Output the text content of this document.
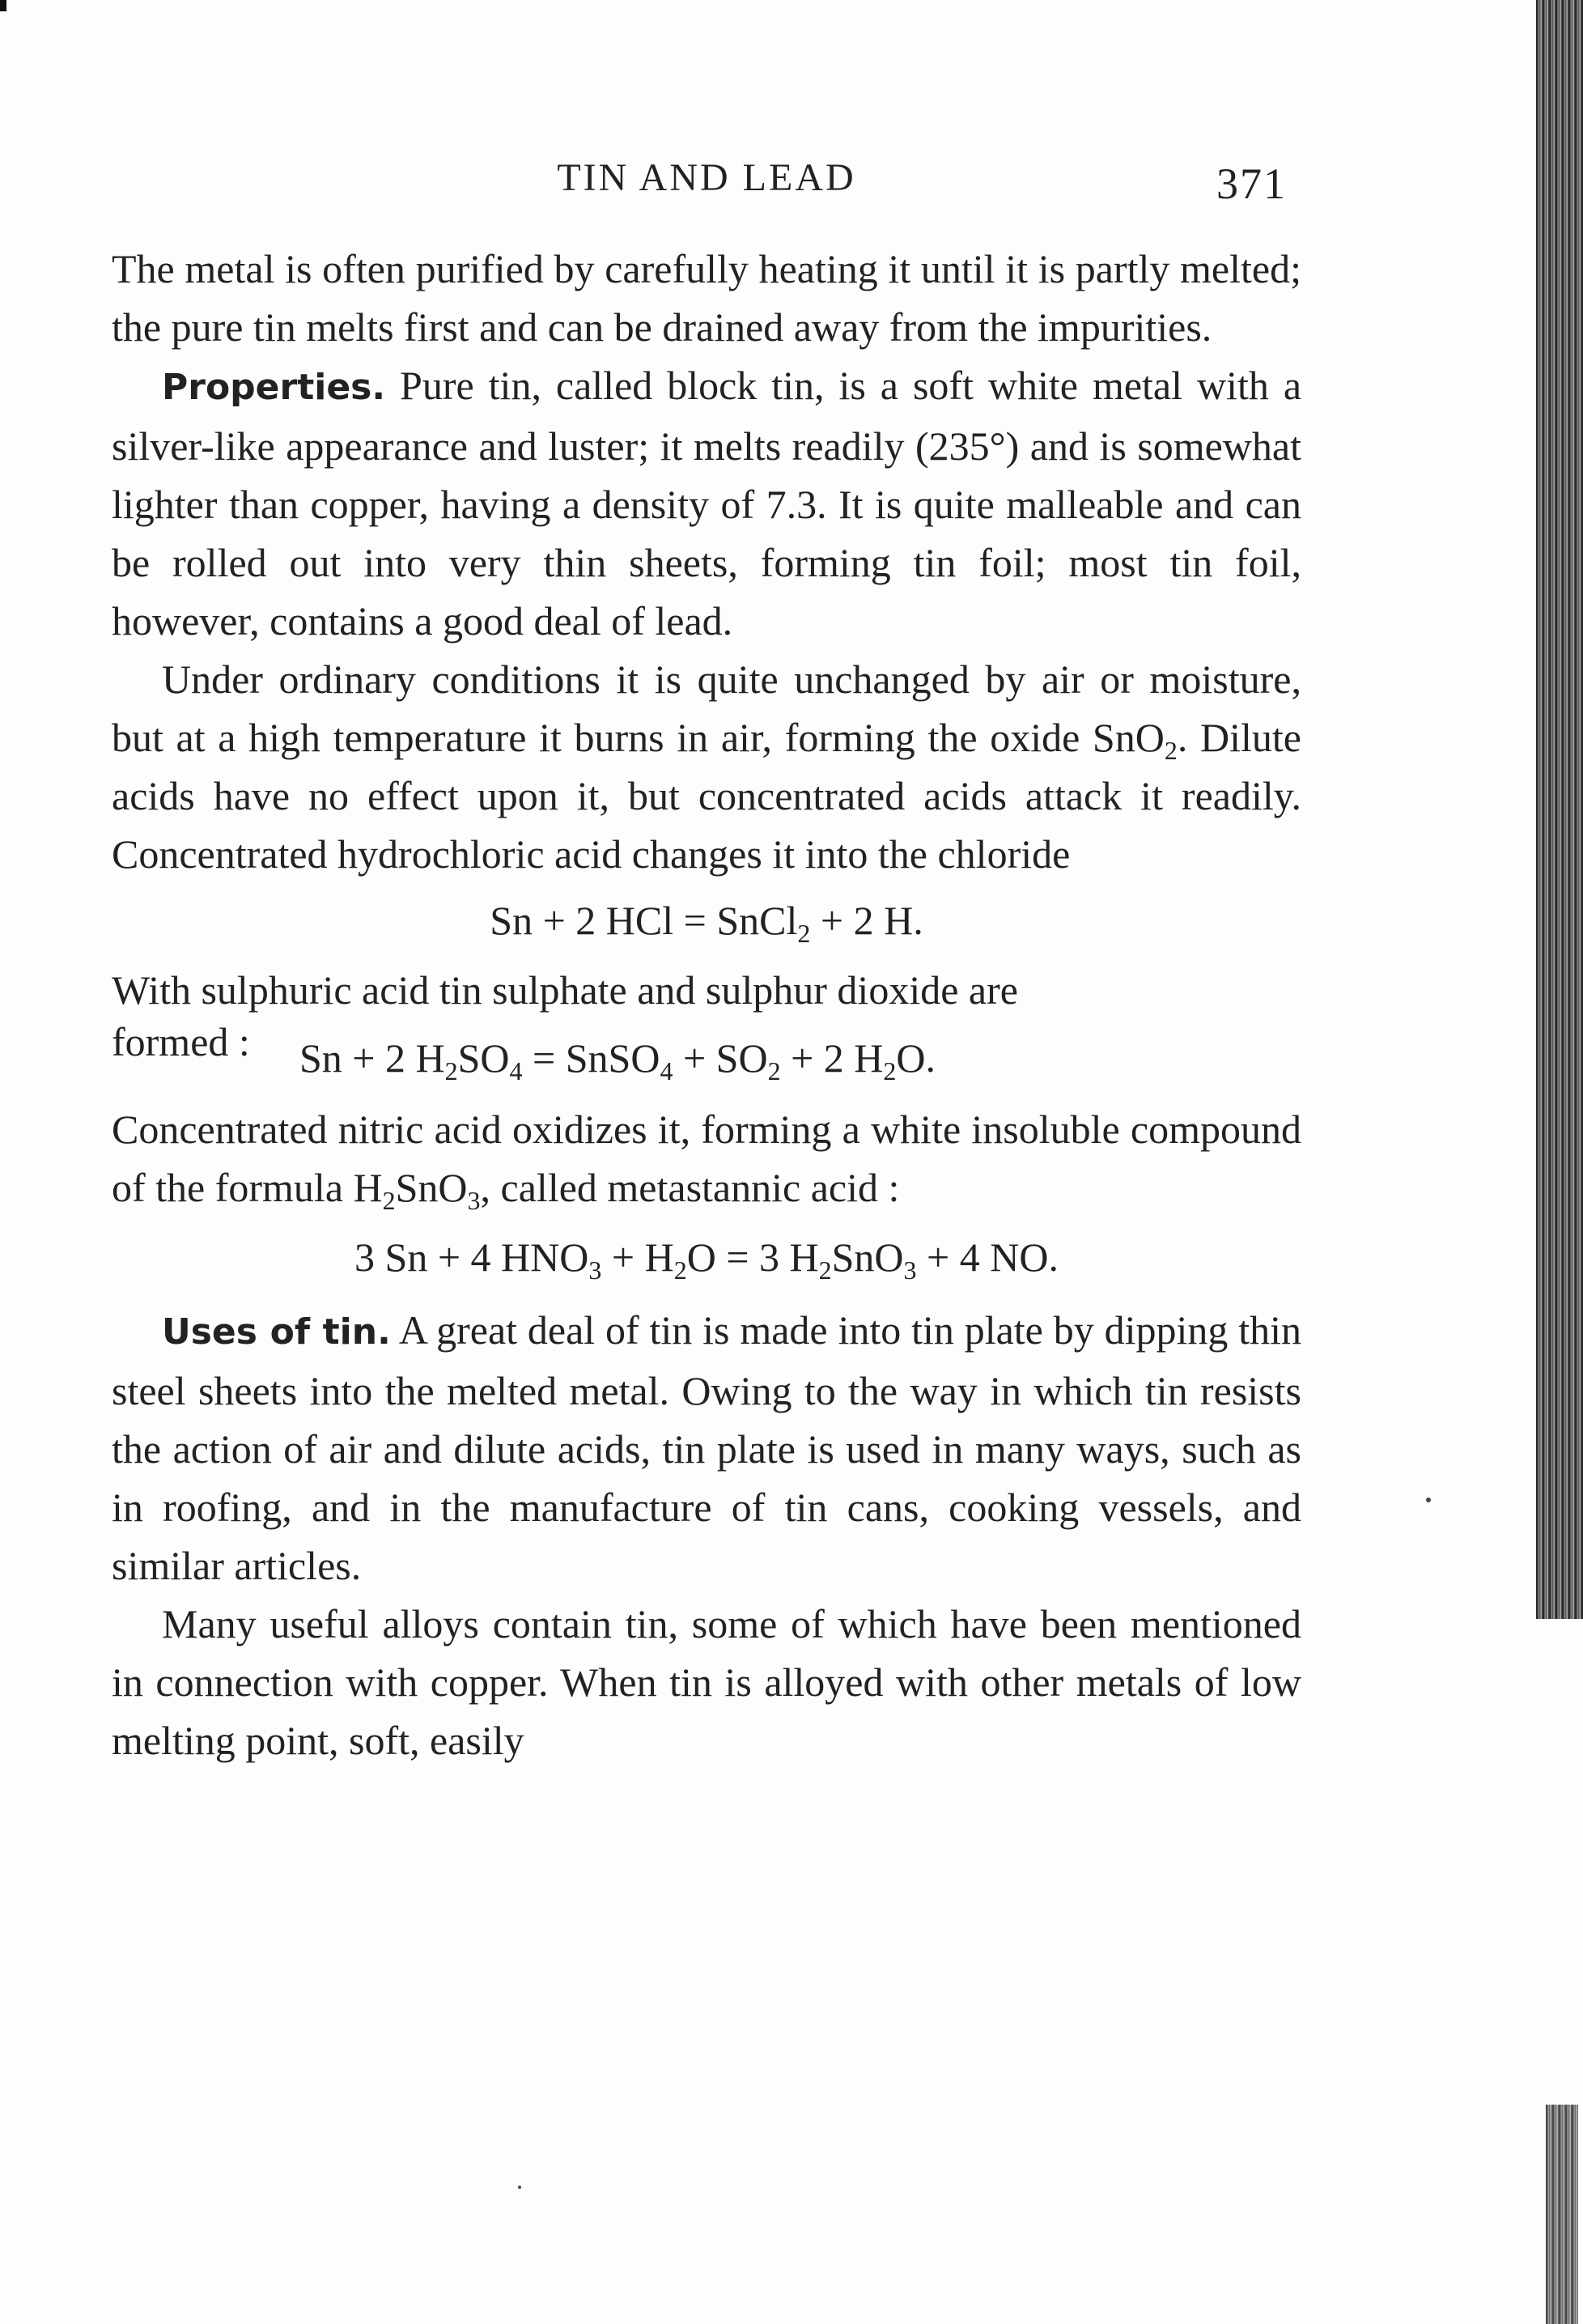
TIN AND LEAD	371

The metal is often purified by carefully heating it until it is partly melted; the pure tin melts first and can be drained away from the impurities.

Properties. Pure tin, called block tin, is a soft white metal with a silver-like appearance and luster; it melts readily (235°) and is somewhat lighter than copper, having a density of 7.3. It is quite malleable and can be rolled out into very thin sheets, forming tin foil; most tin foil, however, contains a good deal of lead.

Under ordinary conditions it is quite unchanged by air or moisture, but at a high temperature it burns in air, forming the oxide SnO$_2$. Dilute acids have no effect upon it, but concentrated acids attack it readily. Concentrated hydrochloric acid changes it into the chloride

Sn + 2 HCl = SnCl$_2$ + 2 H.

With sulphuric acid tin sulphate and sulphur dioxide are

formed : Sn + 2 $H_2SO_4$ = SnSO$_4$ + $SO_2 + 2$ $H_2O$.

Concentrated nitric acid oxidizes it, forming a white insoluble compound of the formula $H_2SnO_3$, called metastannic acid :

3 Sn + 4 $HNO_3 + H_2O = 3$ $H_2SnO_3 + 4$ NO.

Uses of tin. A great deal of tin is made into tin plate by dipping thin steel sheets into the melted metal. Owing to the way in which tin resists the action of air and dilute acids, tin plate is used in many ways, such as in roofing, and in the manufacture of tin cans, cooking vessels, and similar articles.

Many useful alloys contain tin, some of which have been mentioned in connection with copper. When tin is alloyed with other metals of low melting point, soft, easily
